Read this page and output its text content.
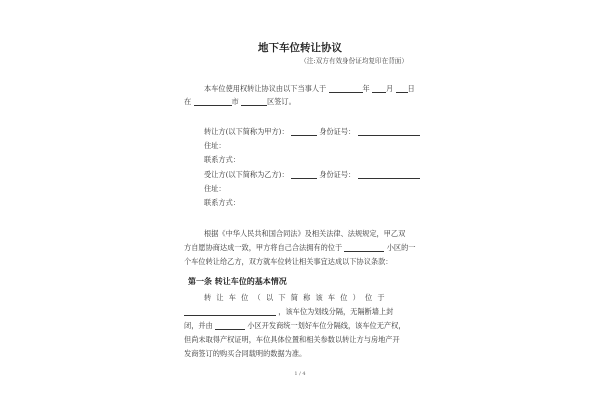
地下车位转让协议
（注:双方有效身份证均复印在背面）
本车位使用权转让协议由以下当事人于	年 月 日
在	市	区签订。
转让方(以下简称为甲方)：	身份证号：
住址：
联系方式：
受让方(以下简称为乙方)：	身份证号：
住址：
联系方式：
根据《中华人民共和国合同法》及相关法律、法规规定，甲乙双
方自愿协商达成一致，甲方将自己合法拥有的位于	小区的一
个车位转让给乙方，双方就车位转让相关事宜达成以下协议条款：
第一条 转让车位的基本情况
转让车位（以下简称该车位）位于
，该车位为划线分隔，无隔断墙上封
闭，并由	小区开发商统一划好车位分隔线，该车位无产权，
但尚未取得产权证明，车位具体位置和相关参数以转让方与房地产开
发商签订的购买合同载明的数据为准。
1 / 4
